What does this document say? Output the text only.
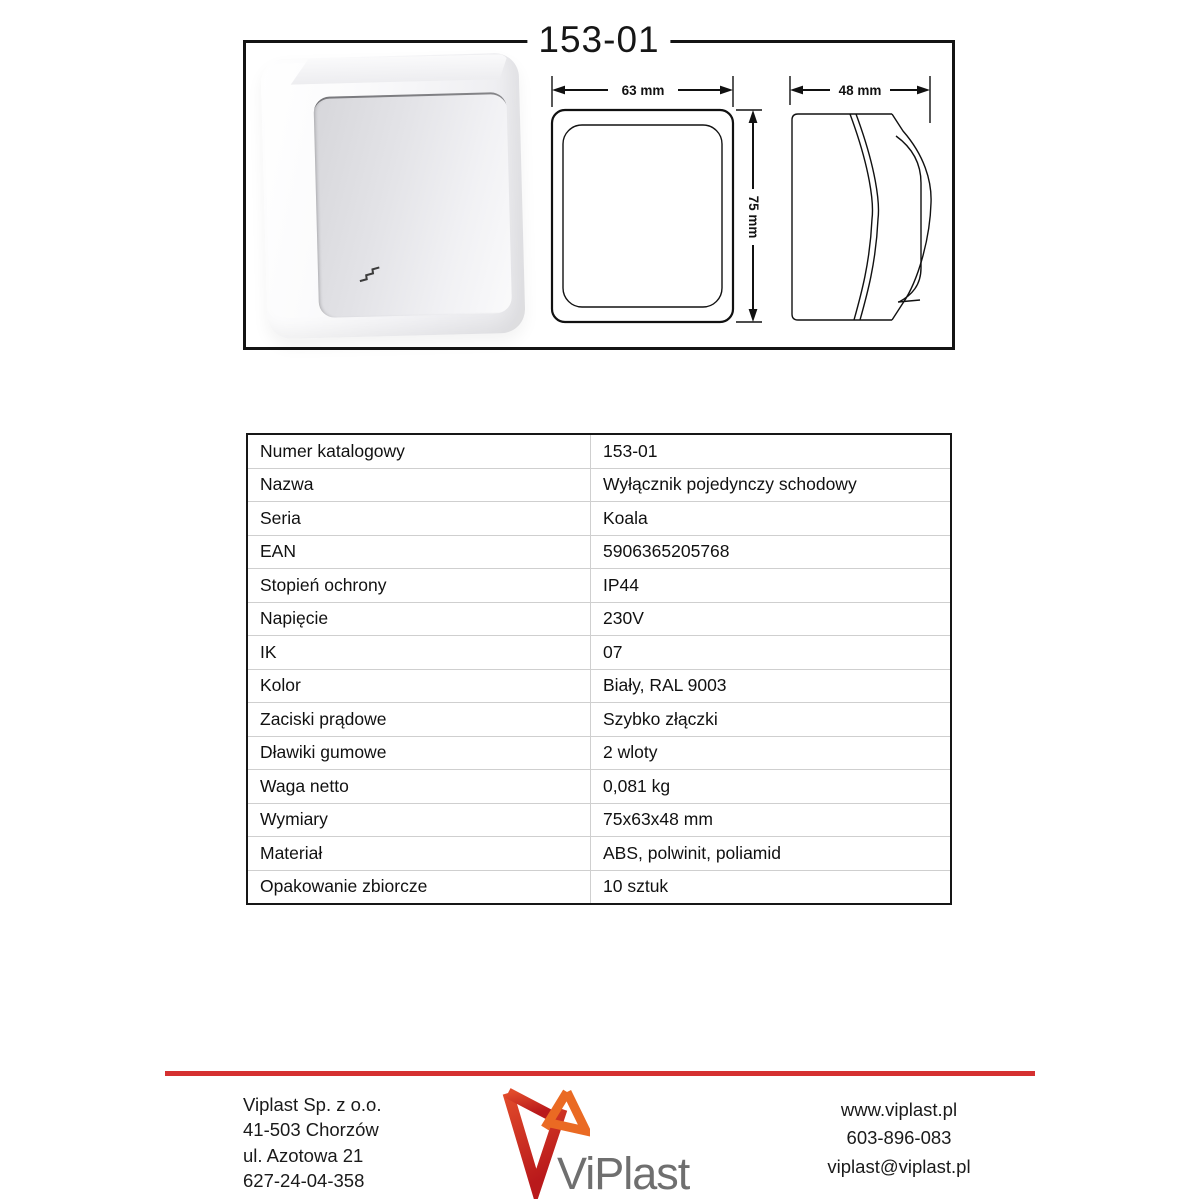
153-01
63 mm
75 mm
48 mm
Numer katalogowy	153-01
Nazwa	Wyłącznik pojedynczy schodowy
Seria	Koala
EAN	5906365205768
Stopień ochrony	IP44
Napięcie	230V
IK	07
Kolor	Biały, RAL 9003
Zaciski prądowe	Szybko złączki
Dławiki gumowe	2 wloty
Waga netto	0,081 kg
Wymiary	75x63x48 mm
Materiał	ABS, polwinit, poliamid
Opakowanie zbiorcze	10 sztuk
Viplast Sp. z o.o.
41-503 Chorzów
ul. Azotowa 21
627-24-04-358	ViPlast
www.viplast.pl
603-896-083
viplast@viplast.pl
